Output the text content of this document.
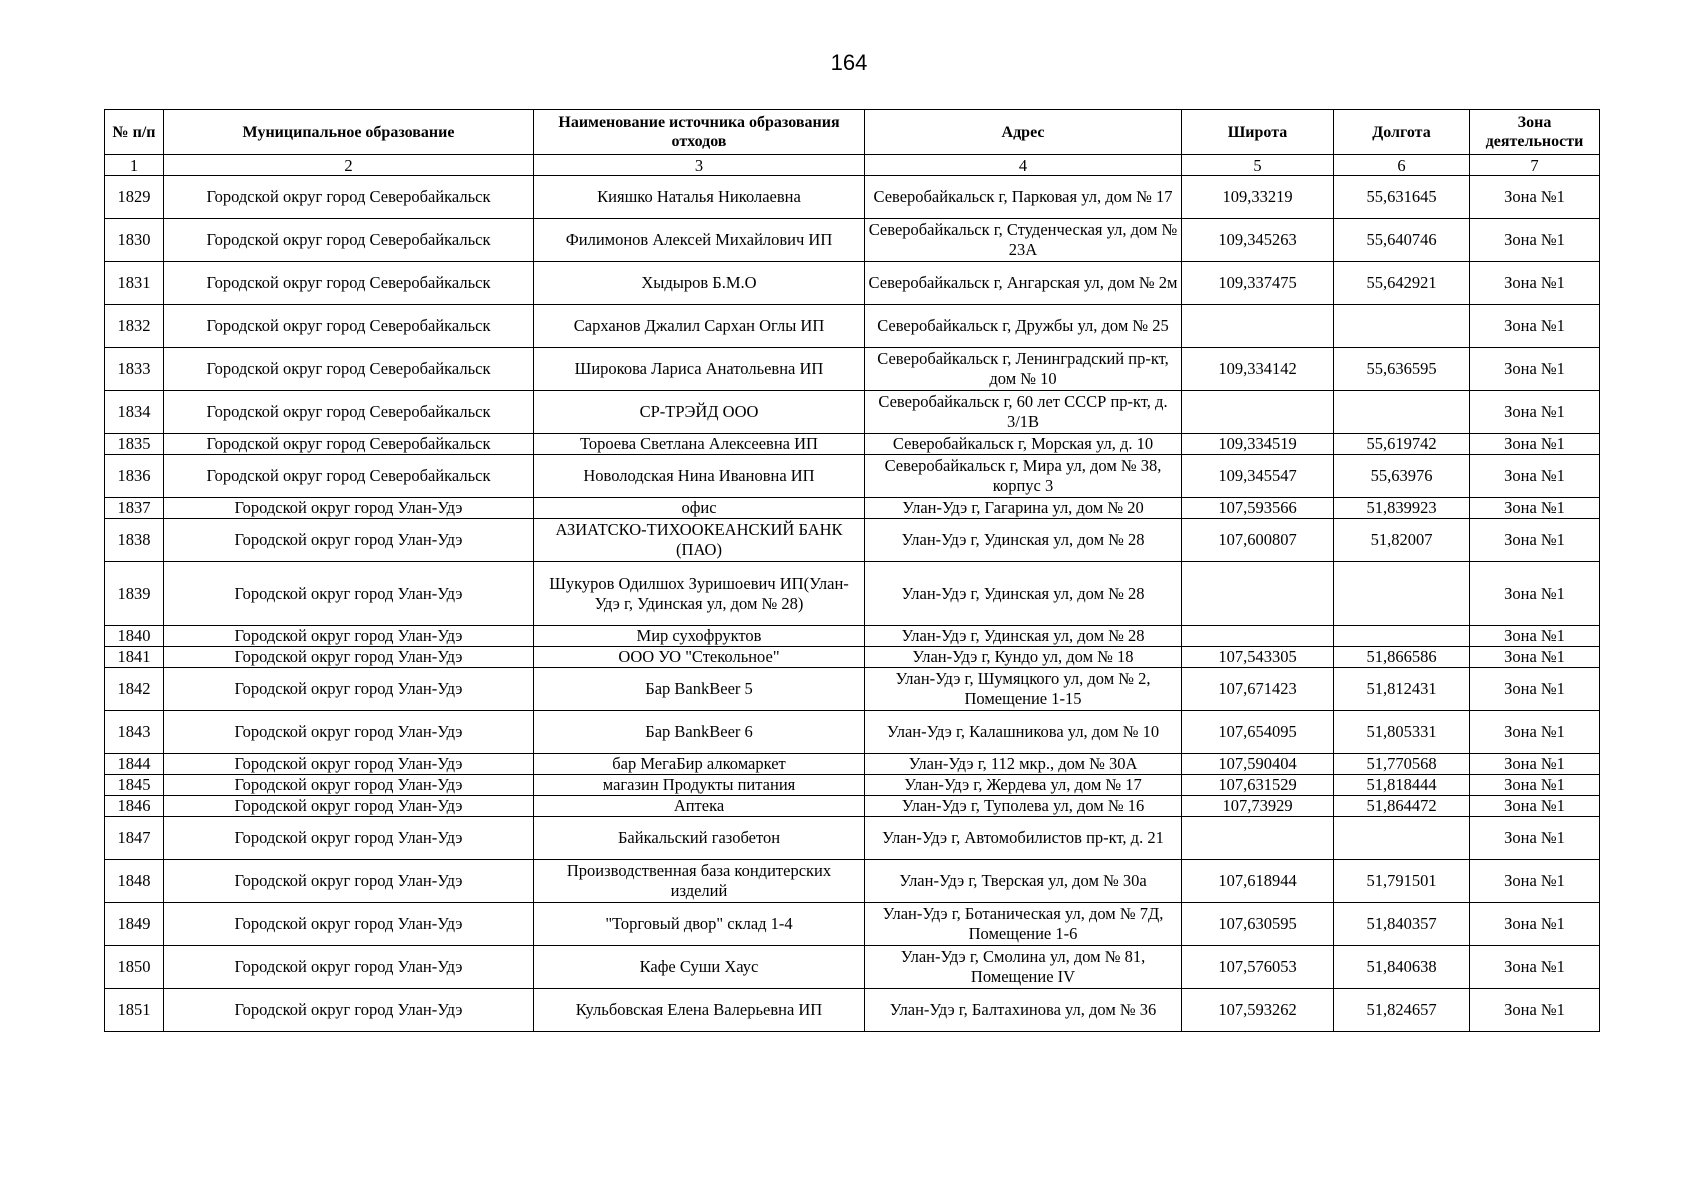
164
№ п/п	Муниципальное образование	Наименование источника образования отходов	Адрес	Широта	Долгота	Зона деятельности
1	2	3	4	5	6	7
1829	Городской округ город Северобайкальск	Кияшко Наталья Николаевна	Северобайкальск г, Парковая ул, дом № 17	109,33219	55,631645	Зона №1
1830	Городской округ город Северобайкальск	Филимонов Алексей Михайлович ИП	Северобайкальск г, Студенческая ул, дом № 23А	109,345263	55,640746	Зона №1
1831	Городской округ город Северобайкальск	Хыдыров Б.М.О	Северобайкальск г, Ангарская ул, дом № 2м	109,337475	55,642921	Зона №1
1832	Городской округ город Северобайкальск	Сарханов Джалил Сархан Оглы ИП	Северобайкальск г, Дружбы ул, дом № 25			Зона №1
1833	Городской округ город Северобайкальск	Широкова Лариса Анатольевна ИП	Северобайкальск г, Ленинградский пр-кт, дом № 10	109,334142	55,636595	Зона №1
1834	Городской округ город Северобайкальск	СР-ТРЭЙД ООО	Северобайкальск г, 60 лет СССР пр-кт, д. 3/1В			Зона №1
1835	Городской округ город Северобайкальск	Тороева Светлана Алексеевна ИП	Северобайкальск г, Морская ул, д. 10	109,334519	55,619742	Зона №1
1836	Городской округ город Северобайкальск	Новолодская Нина Ивановна ИП	Северобайкальск г, Мира ул, дом № 38, корпус 3	109,345547	55,63976	Зона №1
1837	Городской округ город Улан-Удэ	офис	Улан-Удэ г, Гагарина ул, дом № 20	107,593566	51,839923	Зона №1
1838	Городской округ город Улан-Удэ	АЗИАТСКО-ТИХООКЕАНСКИЙ БАНК (ПАО)	Улан-Удэ г, Удинская ул, дом № 28	107,600807	51,82007	Зона №1
1839	Городской округ город Улан-Удэ	Шукуров Одилшох Зуришоевич ИП(Улан-Удэ г, Удинская ул, дом № 28)	Улан-Удэ г, Удинская ул, дом № 28			Зона №1
1840	Городской округ город Улан-Удэ	Мир сухофруктов	Улан-Удэ г, Удинская ул, дом № 28			Зона №1
1841	Городской округ город Улан-Удэ	ООО УО "Стекольное"	Улан-Удэ г, Кундо ул, дом № 18	107,543305	51,866586	Зона №1
1842	Городской округ город Улан-Удэ	Бар BankBeer 5	Улан-Удэ г, Шумяцкого ул, дом № 2, Помещение 1-15	107,671423	51,812431	Зона №1
1843	Городской округ город Улан-Удэ	Бар BankBeer 6	Улан-Удэ г, Калашникова ул, дом № 10	107,654095	51,805331	Зона №1
1844	Городской округ город Улан-Удэ	бар МегаБир алкомаркет	Улан-Удэ г, 112 мкр., дом № 30А	107,590404	51,770568	Зона №1
1845	Городской округ город Улан-Удэ	магазин Продукты питания	Улан-Удэ г, Жердева ул, дом № 17	107,631529	51,818444	Зона №1
1846	Городской округ город Улан-Удэ	Аптека	Улан-Удэ г, Туполева ул, дом № 16	107,73929	51,864472	Зона №1
1847	Городской округ город Улан-Удэ	Байкальский газобетон	Улан-Удэ г, Автомобилистов пр-кт, д. 21			Зона №1
1848	Городской округ город Улан-Удэ	Производственная база кондитерских изделий	Улан-Удэ г, Тверская ул, дом № 30а	107,618944	51,791501	Зона №1
1849	Городской округ город Улан-Удэ	"Торговый двор" склад 1-4	Улан-Удэ г, Ботаническая ул, дом № 7Д, Помещение 1-6	107,630595	51,840357	Зона №1
1850	Городской округ город Улан-Удэ	Кафе Суши Хаус	Улан-Удэ г, Смолина ул, дом № 81, Помещение IV	107,576053	51,840638	Зона №1
1851	Городской округ город Улан-Удэ	Кульбовская Елена Валерьевна ИП	Улан-Удэ г, Балтахинова ул, дом № 36	107,593262	51,824657	Зона №1
